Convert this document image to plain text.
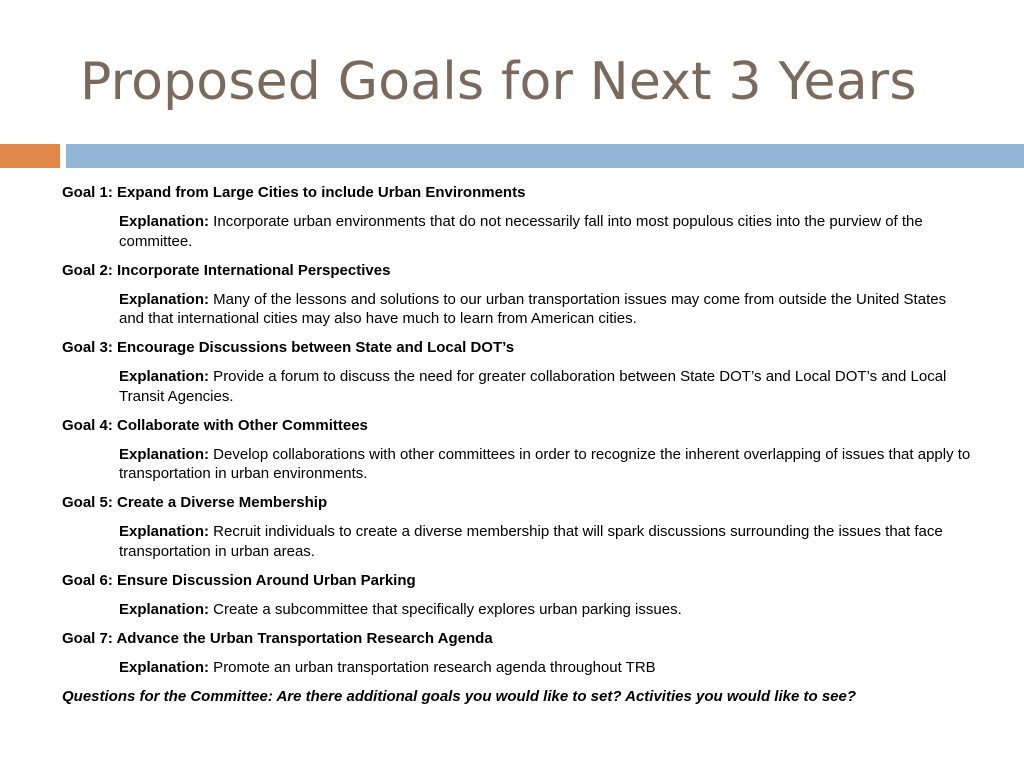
Proposed Goals for Next 3 Years

Goal 1: Expand from Large Cities to include Urban Environments

Explanation: Incorporate urban environments that do not necessarily fall into most populous cities into the purview of the committee.

Goal 2: Incorporate International Perspectives

Explanation: Many of the lessons and solutions to our urban transportation issues may come from outside the United States and that international cities may also have much to learn from American cities.

Goal 3: Encourage Discussions between State and Local DOT’s

Explanation: Provide a forum to discuss the need for greater collaboration between State DOT’s and Local DOT’s and Local Transit Agencies.

Goal 4: Collaborate with Other Committees

Explanation: Develop collaborations with other committees in order to recognize the inherent overlapping of issues that apply to transportation in urban environments.

Goal 5: Create a Diverse Membership

Explanation: Recruit individuals to create a diverse membership that will spark discussions surrounding the issues that face transportation in urban areas.

Goal 6: Ensure Discussion Around Urban Parking

Explanation: Create a subcommittee that specifically explores urban parking issues.

Goal 7: Advance the Urban Transportation Research Agenda

Explanation: Promote an urban transportation research agenda throughout TRB

Questions for the Committee: Are there additional goals you would like to set? Activities you would like to see?
